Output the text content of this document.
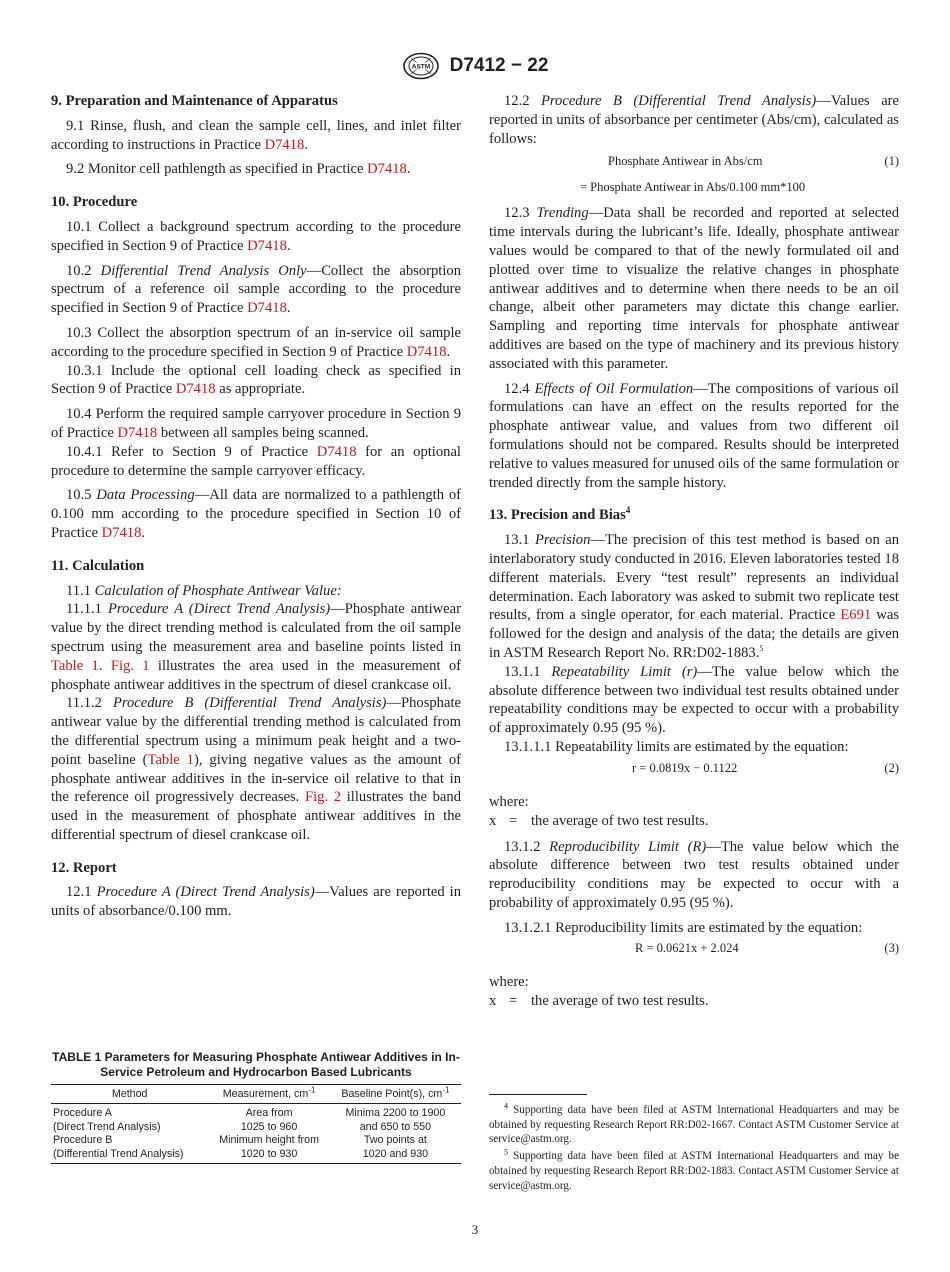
ASTM D7412 − 22
9. Preparation and Maintenance of Apparatus

9.1 Rinse, flush, and clean the sample cell, lines, and inlet filter according to instructions in Practice D7418.

9.2 Monitor cell pathlength as specified in Practice D7418.

10. Procedure

10.1 Collect a background spectrum according to the procedure specified in Section 9 of Practice D7418.

10.2 Differential Trend Analysis Only—Collect the absorption spectrum of a reference oil sample according to the procedure specified in Section 9 of Practice D7418.

10.3 Collect the absorption spectrum of an in-service oil sample according to the procedure specified in Section 9 of Practice D7418.

10.3.1 Include the optional cell loading check as specified in Section 9 of Practice D7418 as appropriate.

10.4 Perform the required sample carryover procedure in Section 9 of Practice D7418 between all samples being scanned.

10.4.1 Refer to Section 9 of Practice D7418 for an optional procedure to determine the sample carryover efficacy.

10.5 Data Processing—All data are normalized to a pathlength of 0.100 mm according to the procedure specified in Section 10 of Practice D7418.

11. Calculation

11.1 Calculation of Phosphate Antiwear Value:

11.1.1 Procedure A (Direct Trend Analysis)—Phosphate antiwear value by the direct trending method is calculated from the oil sample spectrum using the measurement area and baseline points listed in Table 1. Fig. 1 illustrates the area used in the measurement of phosphate antiwear additives in the spectrum of diesel crankcase oil.

11.1.2 Procedure B (Differential Trend Analysis)—Phosphate antiwear value by the differential trending method is calculated from the differential spectrum using a minimum peak height and a two-point baseline (Table 1), giving negative values as the amount of phosphate antiwear additives in the in-service oil relative to that in the reference oil progressively decreases. Fig. 2 illustrates the band used in the measurement of phosphate antiwear additives in the differential spectrum of diesel crankcase oil.

12. Report

12.1 Procedure A (Direct Trend Analysis)—Values are reported in units of absorbance/0.100 mm.

TABLE 1 Parameters for Measuring Phosphate Antiwear Additives in In-Service Petroleum and Hydrocarbon Based Lubricants
Method	Measurement, $cm^{-1}$	Baseline Point(s), $cm^{-1}$
Procedure A	Area from	Minima 2200 to 1900
(Direct Trend Analysis)	1025 to 960	and 650 to 550
Procedure B	Minimum height from	Two points at
(Differential Trend Analysis)	1020 to 930	1020 and 930

12.2 Procedure B (Differential Trend Analysis)—Values are reported in units of absorbance per centimeter (Abs/cm), calculated as follows:

Phosphate Antiwear in Abs/cm	(1)
= Phosphate Antiwear in Abs/0.100 mm*100

12.3 Trending—Data shall be recorded and reported at selected time intervals during the lubricant’s life. Ideally, phosphate antiwear values would be compared to that of the newly formulated oil and plotted over time to visualize the relative changes in phosphate antiwear additives and to determine when there needs to be an oil change, albeit other parameters may dictate this change earlier. Sampling and reporting time intervals for phosphate antiwear additives are based on the type of machinery and its previous history associated with this parameter.

12.4 Effects of Oil Formulation—The compositions of various oil formulations can have an effect on the results reported for the phosphate antiwear value, and values from two different oil formulations should not be compared. Results should be interpreted relative to values measured for unused oils of the same formulation or trended directly from the sample history.

13. Precision and Bias$^4$

13.1 Precision—The precision of this test method is based on an interlaboratory study conducted in 2016. Eleven laboratories tested 18 different materials. Every “test result” represents an individual determination. Each laboratory was asked to submit two replicate test results, from a single operator, for each material. Practice E691 was followed for the design and analysis of the data; the details are given in ASTM Research Report No. RR:D02-1883.$^5$

13.1.1 Repeatability Limit (r)—The value below which the absolute difference between two individual test results obtained under repeatability conditions may be expected to occur with a probability of approximately 0.95 (95 %).

13.1.1.1 Repeatability limits are estimated by the equation:

r = 0.0819x − 0.1122	(2)
where:
x = the average of two test results.

13.1.2 Reproducibility Limit (R)—The value below which the absolute difference between two test results obtained under reproducibility conditions may be expected to occur with a probability of approximately 0.95 (95 %).

13.1.2.1 Reproducibility limits are estimated by the equation:

R = 0.0621x + 2.024	(3)
where:
x = the average of two test results.

$^4$ Supporting data have been filed at ASTM International Headquarters and may be obtained by requesting Research Report RR:D02-1667. Contact ASTM Customer Service at service@astm.org.

$^5$ Supporting data have been filed at ASTM International Headquarters and may be obtained by requesting Research Report RR:D02-1883. Contact ASTM Customer Service at service@astm.org.

3
